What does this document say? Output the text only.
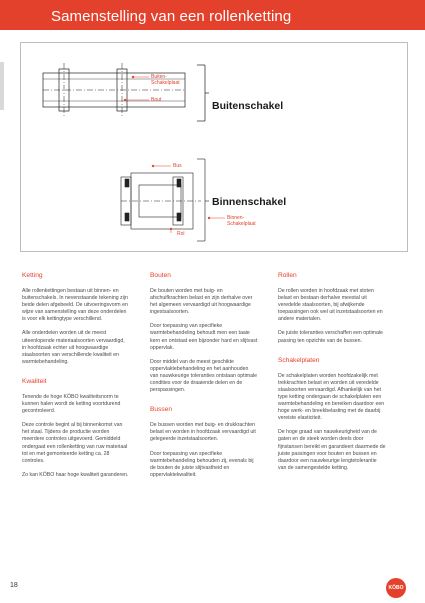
Samenstelling van een rollenketting
Buiten-
Schakelplaat
Bout
Bus
Binnen-
Schakelplaat
Rol
Buitenschakel
Binnenschakel
Ketting

Alle rollenkettingen bestaan uit binnen- en buitenschakels. In nevenstaande tekening zijn beide delen afgebeeld. De uitvoeringsvorm en wijze van samenstelling van deze onderdelen is voor elk kettingtype verschillend.

Alle onderdelen worden uit de meest uiteenlopende materiaalsoorten vervaardigd, in hoofdzaak echter uit hoogwaardige staalsoorten van verschillende kwaliteit en warmtebehandeling.

Kwaliteit

Tenende de hoge KÖBO kwaliteitsnorm te kunnen halen wordt de ketting voortdurend gecontroleerd.

Deze controle begint al bij binnenkomst van het staal. Tijdens de productie worden meerdere controles uitgevoerd. Gemiddeld ondergaat een rollenketting van ruw materiaal tot en met gemonteerde ketting ca. 28 controles.

Zo kan KÖBO haar hoge kwaliteit garanderen.

Bouten

De bouten worden met buig- en afschuifkrachten belast en zijn derhalve over het algemeen vervaardigd uit hoogwaardige ingestsalsoorten.

Door toepassing van specifieke warmtebehandeling behoudt men een taaie kern en ontstaat een bijzonder hard en slijtvast oppervlak.

Door middel van de meest geschikte oppervlaktebehandeling en het aanhouden van nauwkeurige toleranties ontstaan optimale condities voor de draaiende delen en de perspassingen.

Bussen

De bussen worden met buig- en drukkrachten belast en worden in hoofdzaak vervaardigd uit gelegeerde inzetstaalsoorten.

Door toepassing van specifieke warmtebehandeling behouden zij, evenals bij de bouten de juiste slijtvastheid en oppervlaktekwaliteit.

Rollen

De rollen worden in hoofdzaak met stoten belast en bestaan derhalve meestal uit veredelde staalsoorten, bij afwijkende toepassingen ook wel uit inzetstaalsoorten en andere materialen.

De juiste toleranties verschaffen een optimale passing ten opzichte van de bussen.

Schakelplaten

De schakelplaten worden hoofdzakelijk met trekkrachten belast en worden uit veredelde staalsoorten vervaardigd. Afhankelijk van het type ketting ondergaan de schakelplaten een warmtebehandeling en bereiken daardoor een hoge werk- en breekbelasting met de daarbij vereiste elasticiteit.

De hoge graad van nauwkeurigheid van de gaten en de steek worden deels door fijnstansen bereikt en garandeert daarmede de juiste passingen voor bouten en bussen en daardoor een nauwkeurige lengtetolerantie van de samengestelde ketting.

18	KÖBO
